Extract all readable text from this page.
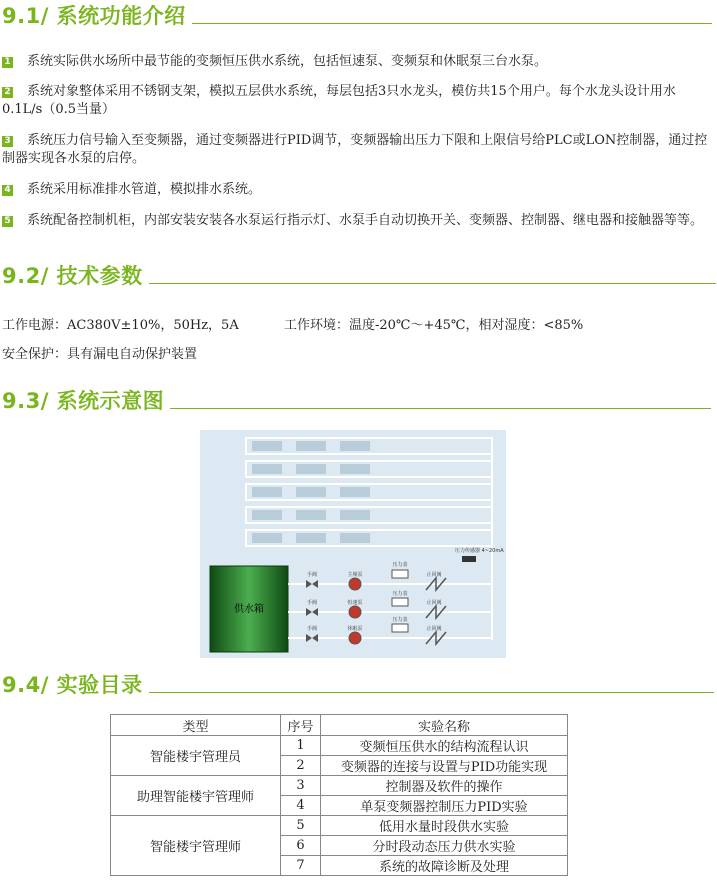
9.1/ 系统功能介绍
1 系统实际供水场所中最节能的变频恒压供水系统，包括恒速泵、变频泵和休眠泵三台水泵。
2 系统对象整体采用不锈钢支架，模拟五层供水系统，每层包括3只水龙头，模仿共15个用户。每个水龙头设计用水0.1L/s（0.5当量）
3 系统压力信号输入至变频器，通过变频器进行PID调节，变频器输出压力下限和上限信号给PLC或LON控制器，通过控制器实现各水泵的启停。
4 系统采用标准排水管道，模拟排水系统。
5 系统配备控制机柜，内部安装安装各水泵运行指示灯、水泵手自动切换开关、变频器、控制器、继电器和接触器等等。
9.2/ 技术参数
工作电源：AC380V±10%，50Hz，5A	工作环境：温度-20℃～+45℃，相对湿度：<85%
安全保护：具有漏电自动保护装置
9.3/ 系统示意图
压力传感器 4~20mA
供水箱
手阀	主频泵
压力表
止回阀
手阀	恒速泵
压力表
止回阀
手阀	休眠泵
压力表
止回阀
9.4/ 实验目录
类型	序号	实验名称
智能楼宇管理员	1	变频恒压供水的结构流程认识
	2	变频器的连接与设置与PID功能实现
助理智能楼宇管理师	3	控制器及软件的操作
	4	单泵变频器控制压力PID实验
智能楼宇管理师	5	低用水量时段供水实验
	6	分时段动态压力供水实验
	7	系统的故障诊断及处理
